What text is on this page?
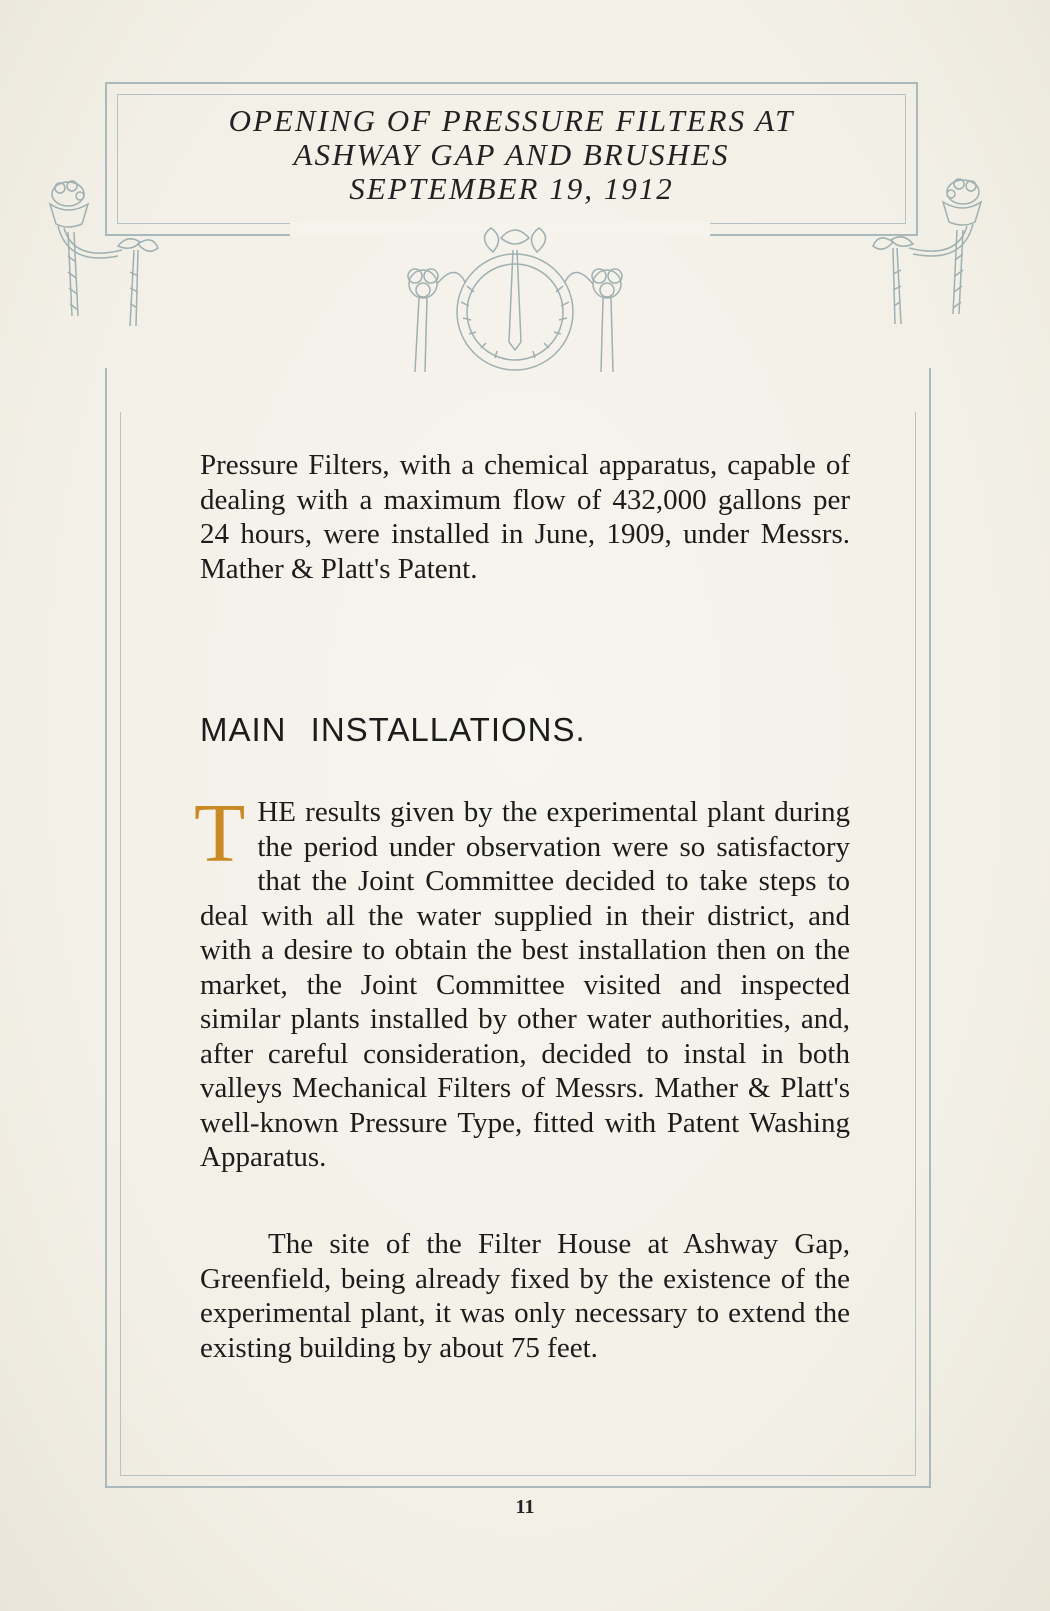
OPENING OF PRESSURE FILTERS AT
ASHWAY GAP AND BRUSHES
SEPTEMBER 19, 1912
Pressure Filters, with a chemical apparatus, capable of dealing with a maximum flow of 432,000 gallons per 24 hours, were installed in June, 1909, under Messrs. Mather & Platt's Patent.
MAIN INSTALLATIONS.
THE results given by the experimental plant during the period under observation were so satisfactory that the Joint Committee decided to take steps to deal with all the water supplied in their district, and with a desire to obtain the best installation then on the market, the Joint Committee visited and inspected similar plants installed by other water authorities, and, after careful consideration, decided to instal in both valleys Mechanical Filters of Messrs. Mather & Platt's well-known Pressure Type, fitted with Patent Washing Apparatus.
The site of the Filter House at Ashway Gap, Greenfield, being already fixed by the existence of the experimental plant, it was only necessary to extend the existing building by about 75 feet.
11
